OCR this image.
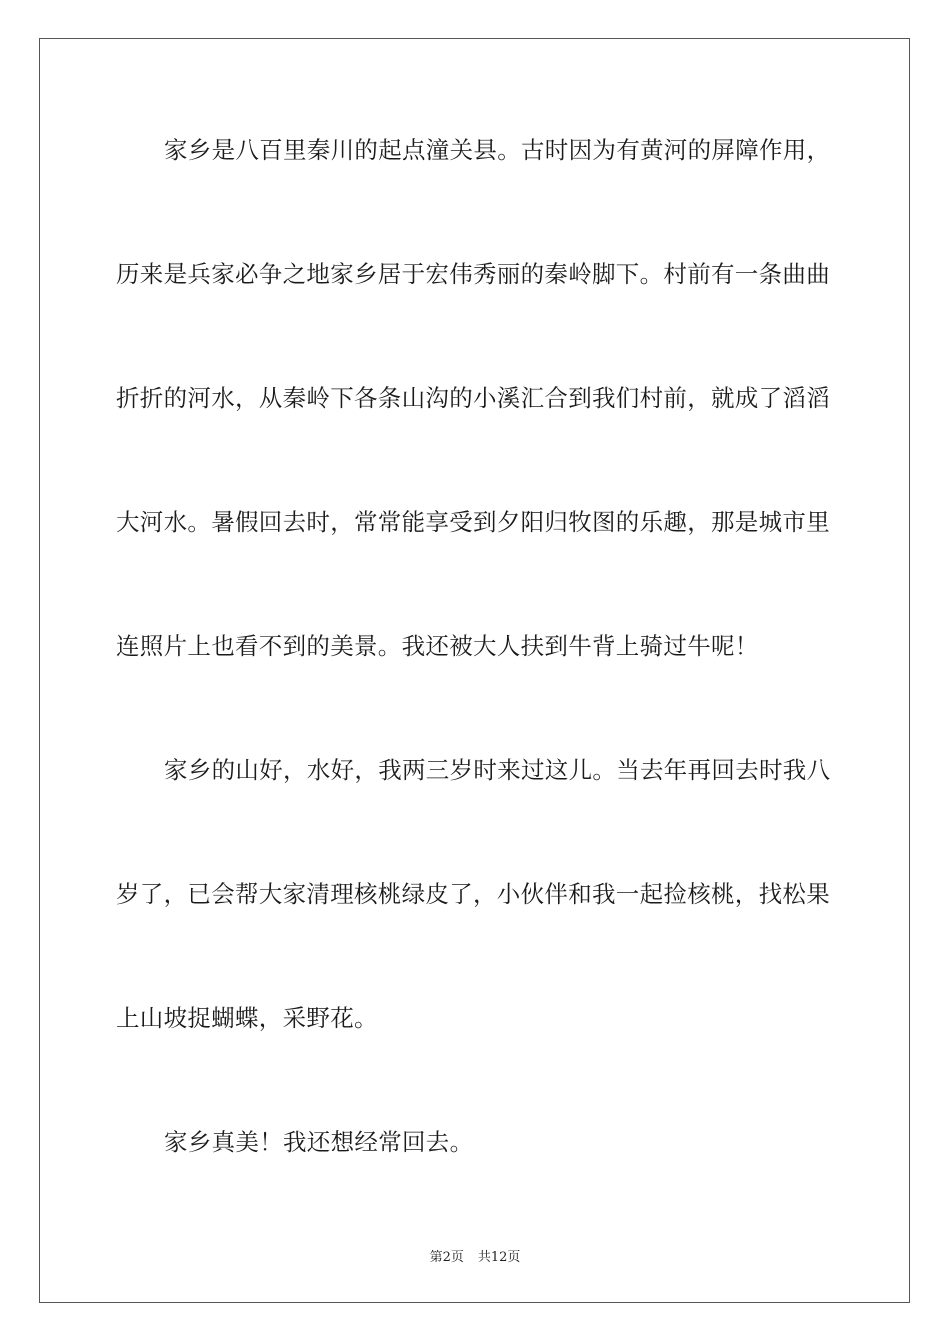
家乡是八百里秦川的起点潼关县。古时因为有黄河的屏障作用，
历来是兵家必争之地家乡居于宏伟秀丽的秦岭脚下。村前有一条曲曲
折折的河水，从秦岭下各条山沟的小溪汇合到我们村前，就成了滔滔
大河水。暑假回去时，常常能享受到夕阳归牧图的乐趣，那是城市里
连照片上也看不到的美景。我还被大人扶到牛背上骑过牛呢！
家乡的山好，水好，我两三岁时来过这儿。当去年再回去时我八
岁了，已会帮大家清理核桃绿皮了，小伙伴和我一起捡核桃，找松果
上山坡捉蝴蝶，采野花。
家乡真美！我还想经常回去。
第2页 共12页
